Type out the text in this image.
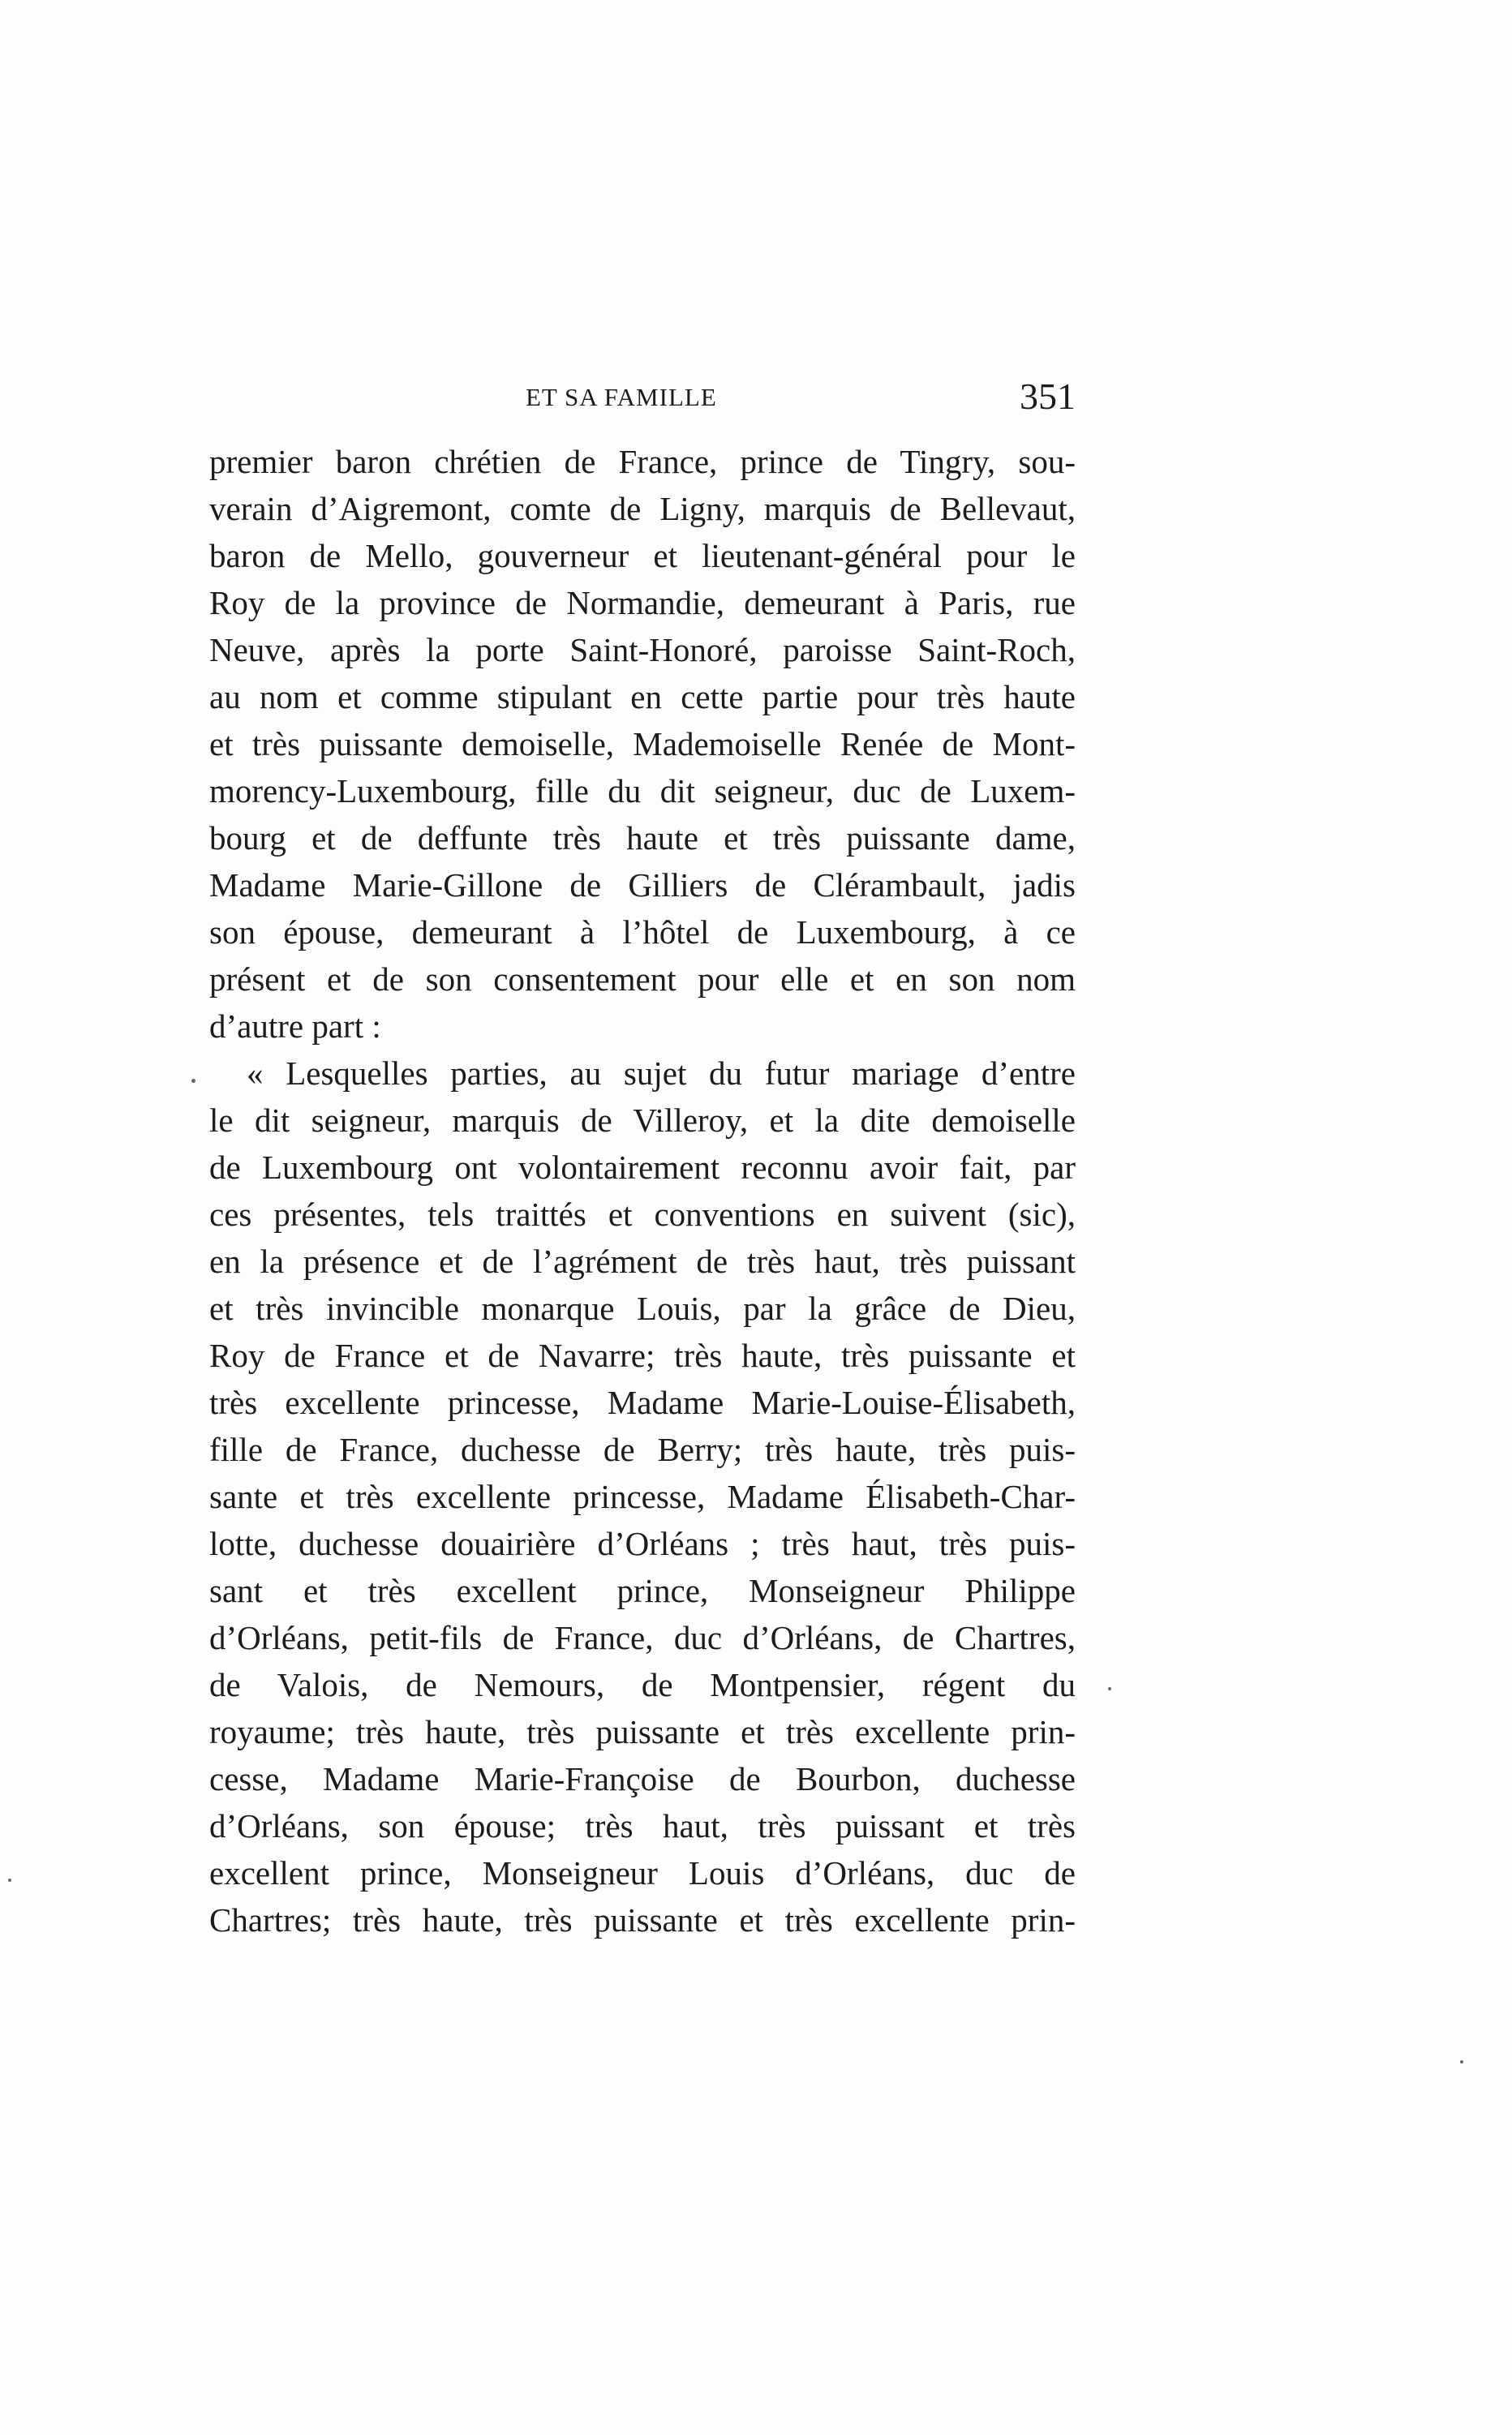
ET SA FAMILLE	351
premier baron chrétien de France, prince de Tingry, sou-
verain d’Aigremont, comte de Ligny, marquis de Bellevaut,
baron de Mello, gouverneur et lieutenant-général pour le
Roy de la province de Normandie, demeurant à Paris, rue
Neuve, après la porte Saint-Honoré, paroisse Saint-Roch,
au nom et comme stipulant en cette partie pour très haute
et très puissante demoiselle, Mademoiselle Renée de Mont-
morency-Luxembourg, fille du dit seigneur, duc de Luxem-
bourg et de deffunte très haute et très puissante dame,
Madame Marie-Gillone de Gilliers de Clérambault, jadis
son épouse, demeurant à l’hôtel de Luxembourg, à ce
présent et de son consentement pour elle et en son nom
d’autre part :
« Lesquelles parties, au sujet du futur mariage d’entre
le dit seigneur, marquis de Villeroy, et la dite demoiselle
de Luxembourg ont volontairement reconnu avoir fait, par
ces présentes, tels traittés et conventions en suivent (sic),
en la présence et de l’agrément de très haut, très puissant
et très invincible monarque Louis, par la grâce de Dieu,
Roy de France et de Navarre; très haute, très puissante et
très excellente princesse, Madame Marie-Louise-Élisabeth,
fille de France, duchesse de Berry; très haute, très puis-
sante et très excellente princesse, Madame Élisabeth-Char-
lotte, duchesse douairière d’Orléans ; très haut, très puis-
sant et très excellent prince, Monseigneur Philippe
d’Orléans, petit-fils de France, duc d’Orléans, de Chartres,
de Valois, de Nemours, de Montpensier, régent du
royaume; très haute, très puissante et très excellente prin-
cesse, Madame Marie-Françoise de Bourbon, duchesse
d’Orléans, son épouse; très haut, très puissant et très
excellent prince, Monseigneur Louis d’Orléans, duc de
Chartres; très haute, très puissante et très excellente prin-
